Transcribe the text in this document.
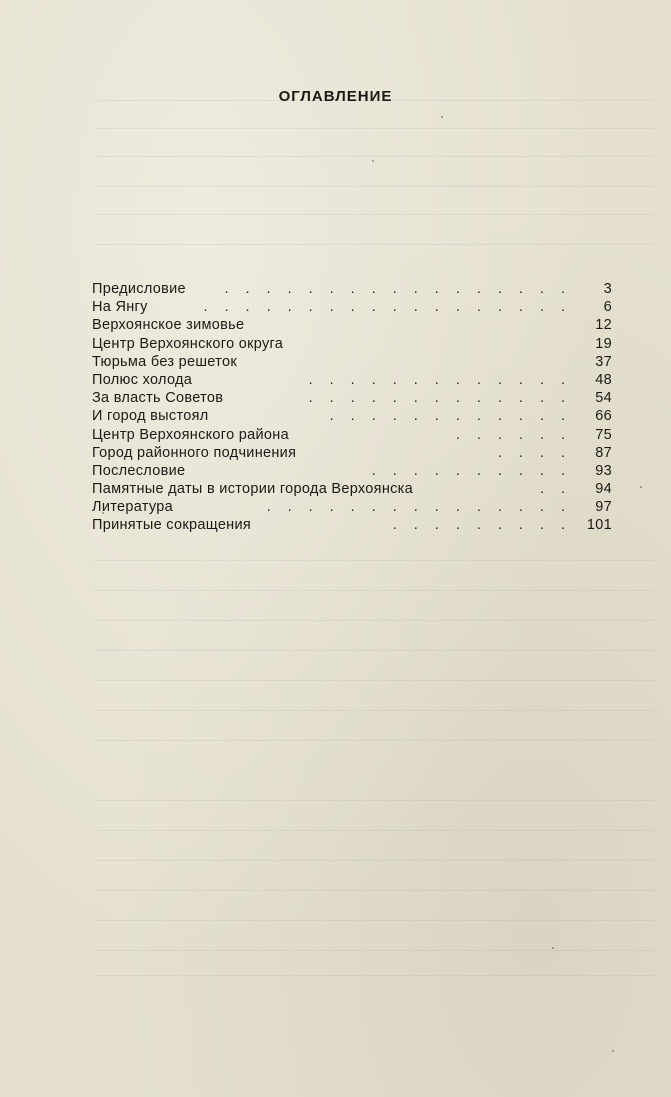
ОГЛАВЛЕНИЕ
Предисловие	................. 3
На Янгу	.................. 6
Верхоянское зимовье	12
Центр Верхоянского округа	19
Тюрьма без решеток	37
Полюс холода	............. 48
За власть Советов	............. 54
И город выстоял	............ 66
Центр Верхоянского района	...... 75
Город районного подчинения	.... 87
Послесловие	.......... 93
Памятные даты в истории города Верхоянска	.. 94
Литература	............... 97
Принятые сокращения	......... 101
